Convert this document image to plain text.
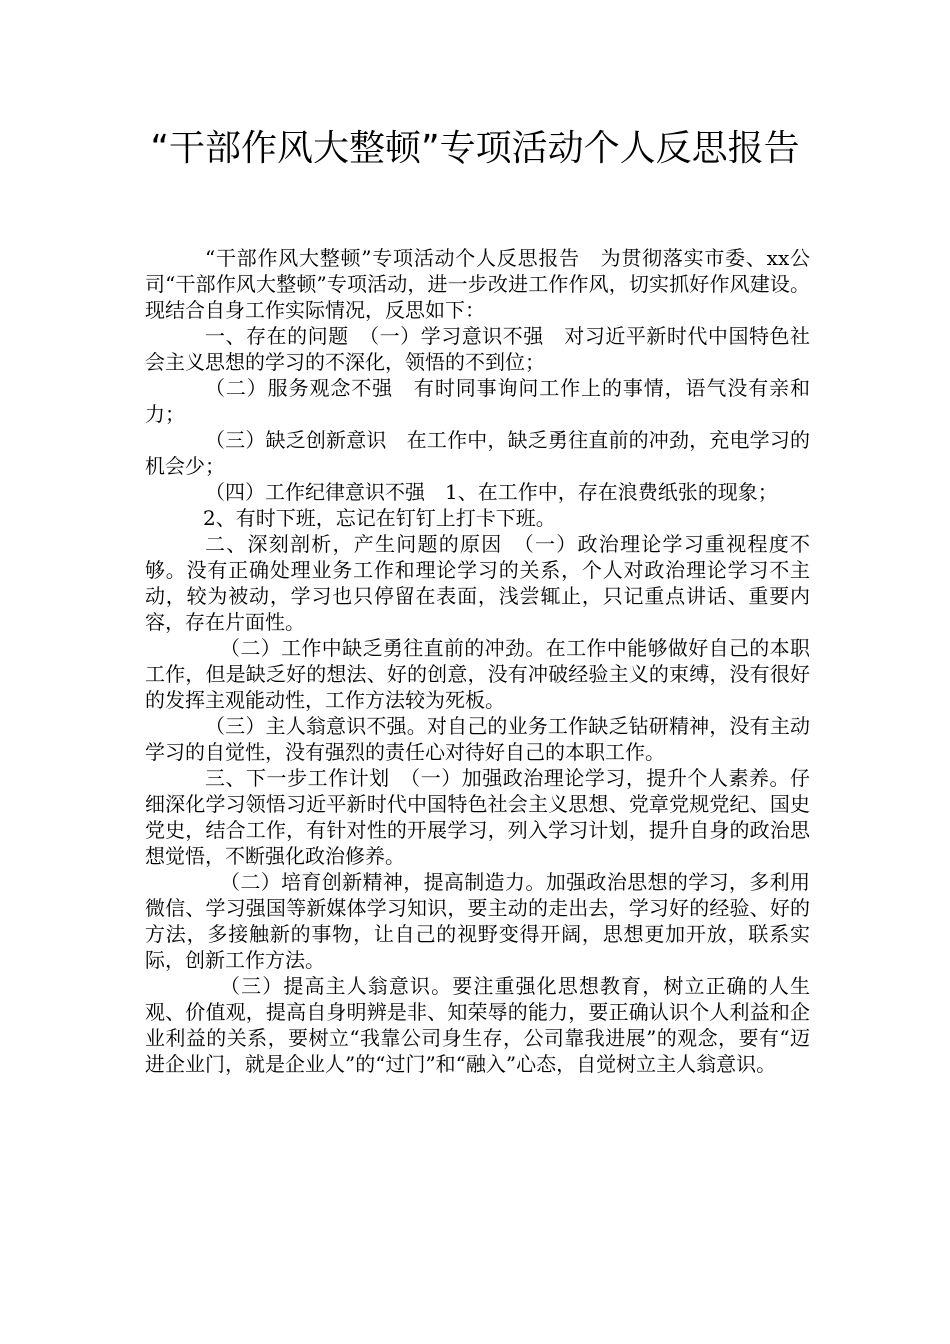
“干部作风大整顿”专项活动个人反思报告

“干部作风大整顿”专项活动个人反思报告　为贯彻落实市委、xx公司“干部作风大整顿”专项活动，进一步改进工作作风，切实抓好作风建设。现结合自身工作实际情况，反思如下：

一、存在的问题　（一）学习意识不强　对习近平新时代中国特色社会主义思想的学习的不深化，领悟的不到位；

（二）服务观念不强　有时同事询问工作上的事情，语气没有亲和力；

（三）缺乏创新意识　在工作中，缺乏勇往直前的冲劲，充电学习的机会少；

（四）工作纪律意识不强　1、在工作中，存在浪费纸张的现象；

2、有时下班，忘记在钉钉上打卡下班。

二、深刻剖析，产生问题的原因　（一）政治理论学习重视程度不够。没有正确处理业务工作和理论学习的关系，个人对政治理论学习不主动，较为被动，学习也只停留在表面，浅尝辄止，只记重点讲话、重要内容，存在片面性。

（二）工作中缺乏勇往直前的冲劲。在工作中能够做好自己的本职工作，但是缺乏好的想法、好的创意，没有冲破经验主义的束缚，没有很好的发挥主观能动性，工作方法较为死板。

（三）主人翁意识不强。对自己的业务工作缺乏钻研精神，没有主动学习的自觉性，没有强烈的责任心对待好自己的本职工作。

三、下一步工作计划　（一）加强政治理论学习，提升个人素养。仔细深化学习领悟习近平新时代中国特色社会主义思想、党章党规党纪、国史党史，结合工作，有针对性的开展学习，列入学习计划，提升自身的政治思想觉悟，不断强化政治修养。

（二）培育创新精神，提高制造力。加强政治思想的学习，多利用微信、学习强国等新媒体学习知识，要主动的走出去，学习好的经验、好的方法，多接触新的事物，让自己的视野变得开阔，思想更加开放，联系实际，创新工作方法。

（三）提高主人翁意识。要注重强化思想教育，树立正确的人生观、价值观，提高自身明辨是非、知荣辱的能力，要正确认识个人利益和企业利益的关系，要树立“我靠公司身生存，公司靠我进展”的观念，要有“迈进企业门，就是企业人”的“过门”和“融入”心态，自觉树立主人翁意识。
